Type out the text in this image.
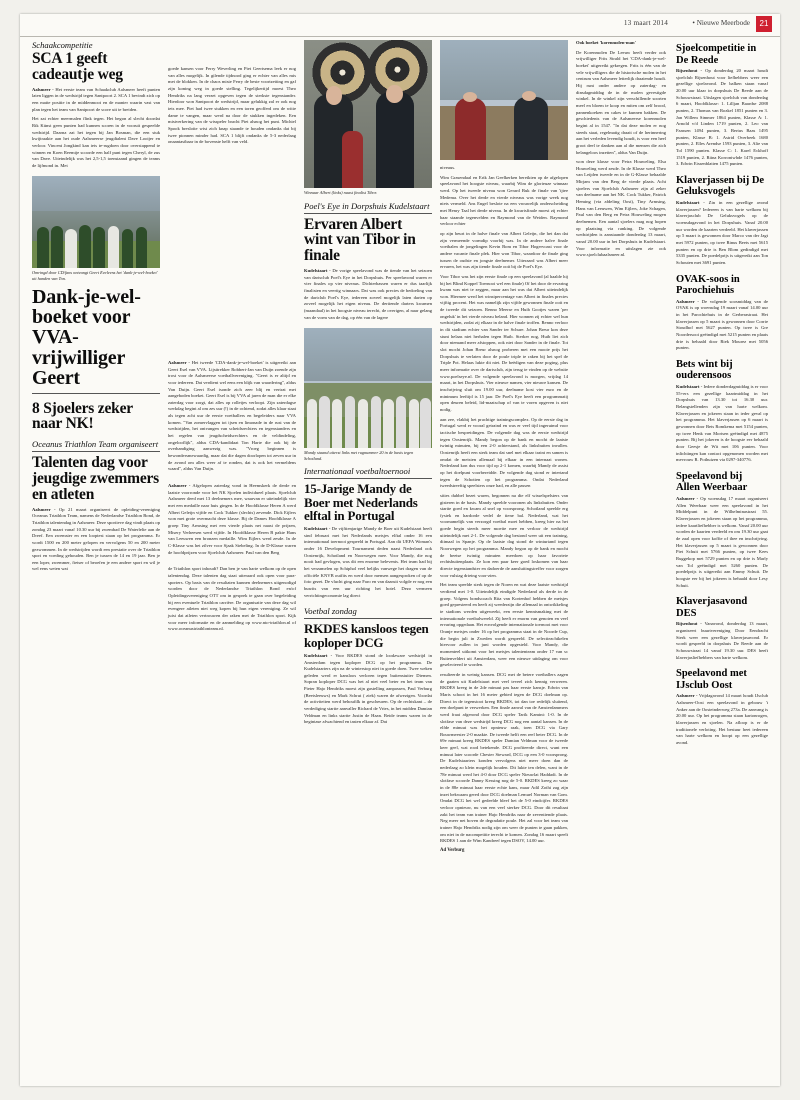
13 maart 2014	• Nieuwe Meerbode	21
Schaakcompetitie
SCA 1 geeft cadeautje weg

Aalsmeer - Het eerste team van Schaakclub Aalsmeer heeft punten laten liggen in de wedstrijd tegen Santpoort 2. SCA 1 bevindt zich op een matte positie in de middenmoot en de manier waarin vast van plan tegen het team van Santpoort de score uit te breiden.

Het zat echter meermalen flink tegen. Het begon al slecht doordat Rik Künst geen punten had kunnen scoren in de vooruit gespeelde wedstrijd. Daarna zat het tegen bij Jan Bosman, die een stuk kwijtraakte aan het oude Aalsmeerse jeugdtalent Dave Looijer en verloor. Vincent Jongkind kan iets te-rugdoen door overstappend te winnen en Koen Reemtje scoorde een half punt tegen Cheryl, de zus van Dave. Uiteindelijk was het 2,5-1,5 toenstaand gingen de teams de lijfmond in. Met

Omringd door CD/fans ontvangt Geert Eveleens het 'dank-je-wel-boeket' uit handen van Ton.
Dank-je-wel-boeket voor VVA-vrijwilliger Geert
8 Sjoelers zeker naar NK!
Oceanus Triathlon Team organiseert
Talenten dag voor jeugdige zwemmers en atleten

Aalsmeer - Op 21 maart organiseert de opleiding-vereniging Oceanus Triathlon Team, namens de Nederlandse Triathlon Bond, de Triathlon talentendag in Aalsmeer. Deze sportieve dag vindt plaats op zondag 23 maart vanaf 10.30 uur bij zwembad De Waterlelie aan de Dreef. Een zwemster en een looptest staan op het programma. Er wordt 1500 en 200 meter gelopen en vervolgens 50 en 200 meter gezwommen. In de wedstrijden wordt een prestatie over de Triathlon sport en voeding gehouden. Ben je tussen de 14 en 19 jaar. Ben je een loper, zwemmer, fietser of beoefen je een andere sport en wil je wel eens weten wat

goede kansen voor Ferry Weverling en Piet Geertsema leek er nog van alles mogelijk. In gilende tijdnood ging er echter van alles mis met de blokken. In de chaos miste Ferry de beste voortzetting en gaf zijn koning weg in goede stelling. Tegelijkertijd moest Theo Hendriks na lang verzet opgeven tegen de sterkste tegenstander. Hierdoor won Santpoort de wedstrijd, maar gelukkig zal er ook nog iets mee. Piet had twee stukken en een toren geofferd om de witte dame te vangen, maar werd na door de stukken ingedeken. Een mistverkering van de wisspeler bracht Piet alsnog het punt. Michiel Spook bresloite wist zich knap staande te houden ondanks dat bij twee pionnen minder had. SCA 1 blijft ondanks de 5-3 nederlaag onaantastbaar in de bovenste helft van veld.

Aalsmeer - Het tweede 'CDA-dank-je-wel-boeket' is uitgereikt aan Geert Esel van VVA. Lijsttrekker Robbert-Jan van Duijn zoende zijn trost voor de Aalsmeerse voetballvereniging. "Geert is er altijd en voor iedereen. Dat verdient wel eens een blijk van waardering", aldus Van Duijn. Geert Esel isonde zich zeer blij en vertrat met aangeboden boeket. Geert Esel is bij VVA al jaren de man die er elke zaterdag voor zorgt, dat alles op rolletjes verloopt. Zijn zaterdagse werkdag begint al om zes uur (!) in de ochtend, zodat alles klaar staat als tegen acht uur de eerste voetballers en begeleiders naar VVA komen. "Van zomervlaggen tot ijsen en limonade in de rust van de wedstrijden, het ontvangen van scheidsrechters en tegenstanders en het regelen van jeugdscheidsrechters en de veldindeling, ongelooflijk", aldus CDA-kandidaat Ton Harte die ook bij de overhandiging aanwezig was. "Vroeg beginnen is bewondersmewaardig, maar dat die dagen doorlopen tot zeven uur in de avond om alles weer af te ronden, dat is ook het vermeldens waard", aldus Van Duijn.

Aalsmeer - Afgelopen zaterdag vond in Heemskerk de derde en laatste voorronde voor het NK Sjoelen individueel plaats. Sjoelclub Aalsmeer deed met 13 deelnemers mee, waarvan er uiteindelijk vier met een medaille naar huis gingen. In de Hoofdklasse Heren A werd Albert Geleijn vijfde en Cock Tukker (slechts) zevende. Dick Eijlers won met grote overmacht deze klasse. Bij de Dames Hoofdklasse A groep Tiny Armsing met een vierde plaats net naast de prijzen, Misery Verheesen werd vijfde. In Hoofdklasse Heren B pakte Hans van Leeuwen een bronzen medaille. Wim Eijlers werd zesde. In de C-Klasse was het zilver voor Sjaak Siebeling. In de D-Klasse waren de hoofdprijzen voor Sjoelclub Aalsmeer. Paul van den Berg

de Triathlon sport inhoudt? Dan ben je van harte welkom op de open talentendag. Deze talenten dag staat uiteraard ook open voor para-sporters. Op basis van de resultaten kunnen deelnemers uitgenodigd worden door de Nederlandse Triathlon Bond en/of Opleidingsvereniging OTT om in gesprek te gaan over begeleiding bij een eventuele Triathlon carrière. De organisatie van deze dag wil evengere atleten niet weg kopen bij hun eigen vereniging. Ze wil juist dat atleten vertrouwen der raken met de Triathlon sport. Kijk voor meer informatie en de aanmelding op www.nto-triathlon.nl of www.oceanustriathlonteam.nl.

Winnaar Albert (links) naast finalist Tibor.
Poel's Eye in Dorpshuis Kudelstaart
Ervaren Albert wint van Tibor in finale

Kudelstaart - De vorige speelavond was de tiende van het seizoen van dartsclub Poel's Eye in het Dorpshuis. Per speelavond waren er vier finales op vier niveaus. Dichterbassen waren er dus taarlijk finalisten en veertig winnaars. Dat was ook precies de bedoeling van de dartclub Poel's Eye, iedereen zoveel mogelijk laten darten op zoveel mogelijk het eigen niveau. De dertiende darters kwamen (maandaal) in het hoogste niveau terecht, de overigen, al naar gelang van de vorm van de dag, op één van de lagere

Mandy staand uiterst links met rugnummer 20 in de basis tegen Schotland.
Internationaal voetbaltoernooi
15-Jarige Mandy de Boer met Nederlands elftal in Portugal

Kudelstaart - De vijftienjarige Mandy de Boer uit Kudelstaart heeft sind februari met het Nederlands meisjes elftal onder 16 een internationaal toernooi gespeeld in Portugal. Aan dit UEFA Woman's onder 16 Development Tournament deden naast Nederland ook Oostenrijk, Schotland en Noorwegen mee. Voor Mandy, die nog nooit had gevlogen, was dit een enorme belevenis. Het team had bij het verzamelen op Schiphol veel belijks vanwege het dragen van de officiële KNVB outfits en werd door mensen aangesproken of op de foto gezet. De vlucht ging naar Faro en van daaruit volgde er nog een busrits van een uur richting het hotel. Dezo vermeen verrichtingeconomie lag direct

Voetbal zondag
RKDES kansloos tegen koploper DCG

Kudelstaart - Voor RKDES stond de loodzware wedstrijd in Amsterdam tegen koploper DCG op het programma. De Kudelstaarters zijn na de winterstop niet in goede doen. Twee weken geleden werd er kansloos verloren tegen buitenstuiter Diemen. Sopran koploper DCG was het al niet veel beter en het team van Pieter Hajo Hendriks moest zijn gastelling aanpassen, Paul Verburg (Beetsleeuws) en Mark Schrut ( ziek) waren de afwezigen. Voordat de activiteiten werd behoufilk in gescheuren. Op de rechtskant – de verdediging startte aanvaller Richard de Vries, in het midden Damian Veldman en links startte Justin de Haan. Beide teams waren in de begintase afwachtend en tasten elkaar af. Dat

niveaus.

Wim Grasendaal en Erik Jan Geelkerken bereikten op de afgelopen speelavond het hoogste niveau, waarbij Wim de glorieuze winnaar werd. Op het tweede niveau won Gerard Buk de finale van 'ijtee Medema. Over het derde en vierde niveaus was vorige week nog niets vermeld. Ans Engel beslote na een vrouwelijk onderscheiding met Henry Taal het derde niveau. In de kwartsfinale moest zij echter baar staande tegenvelden en Raymond van de Weiden. Raymond verloor echter

op zijn beurt in de halve finale van Albert Geleijn, die het dan dat zijn vermeende vormdip voorbij was. In de andere halve finale voetbalen de jongelingen Kevin Bom en Tibor Hogervoast voor de andere vacante finale plek. Hier won Tibor, waardoor de finale ging tussen de oudste en jongste deelnemer. Uiteraard was Albert meer ervaren, het was zijn tiende finale ooit bij de Poel's Eye.

Voor Tibor was het zijn eerste finale op een speelavond (al haalde hij bij het Blind Koppel Toernooi wel een finale) Of het door de ervaring kwam was niet te zeggen, maar aan het was dat Albert uiteindelijk won. Hiermee werd het winstpercentage van Albert in finales precies vijftig procent. Het was namelijk zijn vijfde gewonnen finale ooit en de tweede dit seizoen. Renno Meerse en Huib Gootjes waren 'per ongeluk' in het vierde niveau beland. Hier wonnen zij echter wel hun wedstrijden, zodat zij elkaar in de halve finale troffen. Renno verloor in dit stadium echter van Sander ter Schure. Johan Breur kon deze stunt helaas niet herhalen tegen Huib. Sterker nog, Huib liet zich door niemand meer afstoppen, ook niet door Sander in de finale. Tot slot mocht Johan Breur alsnog proberen met een mooie prijs het Dorpshuis te verlaten door de poule triple te raken bij het spel de Triple Pot. Helaas lukte dit niet. De beëdigen van deze poging, plus meer informatie over de dartsclub, zijn terug te vinden op de website www.poelseye.nl. De volgende speelavond is morgen, vrijdag 14 maart, in het Dorpshuis. Vier nieuwe namen, vier nieuwe kansen. De inschrijving sluit om 19.00 uur, deelname kost vier euro en de minimum leeftijd is 15 jaar. De Poel's Eye heeft een programmatij open deuren beleid, lid-maatschap of van te voren opgeven is niet nodig.

aan zee, vlakbij het prachtige trainingscomplex. Op de eerste dag in Portugal werd er vooral getraind en was er veel tijd ingeruimd voor tactische bespreidingen. De volgende dag was de eerste wedstrijd tegen Oostenrijk. Mandy begon op de bank en mocht de laatste twintig minuten, bij een 2-0 achterstand, als linksbuiten invallen. Oostenrijk heeft een sterk team dat snel met elkaar traint en samen is omdat de meisten allemaal bij elkaar in een internaat wonen. Nederland kon dus voor tijd op 2-1 komen, waarbij Mandy de assist op het doelpunt voorbereidde. De volgende dag stond er intertand tegen de Schotten op het programma. Ondat Nederland tweedstreeftig speelsters onze had, en alle passen

sities dubbel bezet waren, begonnen na die elf wisselspelsters van gisteren in de basis. Mandy speelde vooronen als linksbuiten. Onder startte goed en kwam al snel op voorsprong. Schotland speelde erg fysiek en hardorde vedel de tiene bal. Nederland, wat het voornamelijk van verzorgd voetbal moet hebben, kreeg hier na het goede begin steeds meer moeite mee en verloor de wedstrijd uiteindelijk met 2-1. De volgende dag bestond weer uit een training, diimaal in Spanje. Op de laatste dag stond de winturtand tegen Noorwegen op het programma. Mandy begon op de bank en mocht de beetse twintig minuten meedoen op haar favoriete rechtsbuitenplaats. Ze kon een paar keer goed loskomen van haar directe tegenstandster en dadoerde de aansluitingstreffer voor zorgen voor vulsiag drieing voor-zien.

Het team speelde sterk tegen de Noren en wat deze laatste wedstrijd verdiend met 1-0. Uiteindelijk eindigde Nederland als derde in de groep. Volgens bondscoach Rita van Kortenhof hebben de meisjes goed gepresteerd en heeft zij weederzijn die allemaal in ontwikkeling te stadions werden uitgeweekt, een eerste kennismaking met de internationale voetbalwereld. Zij heeft er enorm van genoten en veel ervaring opgedaan. Het ecnvolgende internationale toernooi met voor Oranje meisjes onder 16 op het programma staat in de Noorde Cup, die begin juli in Zweden wordt gespeeld. De selectieachtkelen hiervoor zullen in juni worden opgesteld. Voor Mandy, die momenteel uitkomt voor het meisjes talententeam onder 17 van sc Buitenveldert uit Amsterdam, weer een nieuwe uitdaging om voor geselecteerd te worden.

resulteerde in weinig kansen. DCG met de betere voetballers zagen de gaaten uit Kudelstaart met veel teveel zich kennig verweren. RKDES kreeg in de 2de minuut pas haar eerste kansje. Edwin van Maris schoot in het 16 meter gebied tegen de DCG doelman op. Direct in de tegenstoot kreeg RKDES, tot dan toe redelijk sluitend, een doelpunt te verwerken. Een finale aanval van de Amsterdammers werd fraai afgerond door DCG speler Tarik Kamini: 1-0. In de slotfase van deze wedstrijd kreeg DCG nog een aantal kansen. In de elfde minuut was het opnieuw raak, toen DCG via Gary Bouwmeester 2-0 maakte. De tweede helft een reel beter DCG. In de 69e minuut kreeg RKDES speler Damian Veldman voor de tweede keer geel, wat rood betekende. DCG profiteerde direct, wunt een minuut later scoorde Chester Steward, DCG op een 3-0 voorsprong. De Kudelstaarters konden vervolgens niet meer doen dan de nederlaag zo klein mogelijk houden. Dit lukte ten delen, want in de 78e minuut werd het 4-0 door DCG speler Nieuwlat Haddadi. In de slotfase scoorde Danny Kessing nog de 5-0. RKDES kreeg zo waar in de 88e minuut haar eerste echte kans, maar Adil Zothi zag zijn inzet bekwaam gered door DCG doelman Lemuel Norman van Gom. Omdat DCG het wel gedeelde bleef het de 5-0 eindcijfer. RKDES verloor opnieuw, nu van een veel sterker DCG. Door dit resultaat zakt het team van trainer Hajo Hendriks naar de zeventiende plaats. Neg meer net boven de degradatie poule. Het zal voor het team van trainer Hajo Hendriks nodig zijn om weer de punten te gaan pakken, om niet in de nacompetitie terecht te komen. Zondag 16 maart speelt RKDES 1 aan de Wim Kandreef tegen DSOV, 14.00 uur.

Ad Verburg

Ook boeket 'korenmolen-man'

De Korenmolen De Leeuw heeft verder ook vrijwilliger Frits Strald het 'CDA-dank-je-wel-boeket' uitgereikt gekregen. Frits is één van de vele vrijwilligers die de historische molen in het centrum van Aalsmeer letterlijk draaiende houdt. Hij runt onder andere op zaterdag- en dinsdagmiddag de in de molen gevestigde winkel. In de winkel zijn verschillende soorten meel en bloem te koop en miten om zelf brood, pannenkoeken en cakes te kunnen bakken. De geschiedenis van de Aalsmeerse korenmolen begint al in 1547. "In dat deze molen er nog steeds staat, regelmatig draait of de herinnering aan het verleden levendig houdt, is voor een heel groot deel te danken aan al die mensen die zich belangeloos inzetten", aldus Van Duijn.

won deze klasse voor Petra Houweling. Elsa Houweling werd zesde. In de Klasse werd Theo van Leijden tweede en in de G-Klasse behaalde Mirjam van den Berg de vierde plaats. Acht sjoelers van Sjoelclub Aalsmeer zijn al zeker van deelname aan het NK. Cock Tukker, Patrick Heming (via afdeling Oost), Tiny Armsing, Hans van Leeuwen, Wim Eijlers, Joke Schagen, Paul van den Berg en Petra Houweling mogen deelnemen. Een aantal sjoelers mag nog hopen op plaatsing via ranking. De volgende wedstrijden is aanstaande donderdag 13 maart, vanaf 20.00 uur in het Dorpshuis in Kudelstaart. Voor informatie en uitslagen zie ook www.sjoelclubaalsmeer.nl.

Sjoelcompetitie in De Reede

Rijsenhout - Op donderdag 20 maart houdt sjoelclub Rijsenhout voor liefhebbers weer een gezellige sjoelavond. De balken staan vanaf 20.00 uur klaar in dorpshuis De Reede aan de Schouwstraat. Uitslagen sjoelclub van donderdag 6 maart, Hoofdklasse: 1. Lilljan Baardse 2088 punten, 2. Thomas van Rozkel 1851 punten en 3. Jan Willem Simmer 1864 punten, Klasse A: 1. Arnold v/d Linden 1719 punten, 2. Leo van Faassen 1494 punten, 3. Bertus Baas 1495 punten, Klasse B: 1. Astrid Overbeek 1680 punten, 2. Elles Arendse 1593 punten, 3. Alie van Tol 1590 punten. Klasse C: 1. Karel Eckhoff 1519 punten, 2. Riina Korroniwhde 1476 punten, 3. Edwin Eissenblatten 1475 punten.

Klaverjassen bij De Geluksvogels

Kudelstaart - Zin in een gezellige avond klaverjassen? Iedereen is van harte welkom bij klaverjasclub De Geluksvogels op de woensdagavond in het Dorpshuis. Vanaf 20.00 uur worden de kaarten verdeeld. Het klaverjassen op 5 maart is gewonnen door Marco van der Jagt met 5972 punten, op twee Rinus Beets met 5615 punten en op drie is Ben Blom gedindigd met 5335 punten. De poedelprijs is uitgereikt aan Ton Schouten met 3691 punten.

OVAK-soos in Parochiehuis

Aalsmeer - De volgende soosmiddag van de OVAK is op woensdag 19 maart vanaf 14.00 uur in het Parochiehuis in de Gerberastraat. Het klaverjassen op 5 maart is gewonnen door Corrie Stoudhof met 5627 punten. Op twee is Gre Noordersooi geëindigd met 5215 punten en plaats drie is behaald door Riek Mourez met 5056 punten.

Bets wint bij ouderensoos

Kudelstaart - Iedere donderdagmiddag is er voor 55+ers een gezellige kaartmiddag in het Dorpshuis van 13.30 tot 16.30 uur. Belangstellenden zijn van harte welkom. Klaverjassen en jokeren staan in ieder geval op het programma. Het klaverjassen op 6 maart is gewonnen door Bets Romkema met 5154 punten, op twee Henk van Mortsen geëindigd met 4875 punten. Bij het jokeren is de hoogste eer behaald door Geesje de Wit met 106 punten. Voor inlichtingen kan contact opgenomen worden met mevrouw R. Pothuizen via 0297-340776.

Speelavond bij Allen Weerbaar

Aalsmeer - Op woensdag 17 maart organiseert Allen Weerbaar weer een speelavond in het Middelpunt in de Wilhelminastraat 55. Klaverjassen en jokeren staan op het programma, iedere kaartliefhebber is welkom. Vanaf 20.00 uur worden de kaarten verdeeld en om 19.30 uur gaat de zaal open voor koffie of thee en inschrijving. Het klaverjassen op 5 maart is gewonnen door Piet Schuit met 5766 punten, op twee Kees Ruggekop met 5729 punten en op drie is Marly van Tol geëindigd met 5260 punten. De poedelprijs is uitgereikt aan Emmy Schuit. De hoogste eer bij het jokeren is behaald door Lesy Schuit.

Klaverjasavond DES

Rijsenhout - Vanavond, donderdag 13 maart, organiseert buurtvereniging Door Eendracht Sterk weer een gezellige klaverjasavond. Er wordt gespeeld in dorpshuis De Reede aan de Schouwstraat 14 vanaf 19.30 uur. DES heeft klaverjasliefhebbers van harte welkom.

Speelavond met IJsclub Oost

Aalsmeer - Vrijdagavond 14 maart houdt IJsclub Aalsmeer-Oost een speelavond in gebouw 't Anker aan de Oosteinderweg 273a. De aanvang is 20.00 uur. Op het programma staan kartonrogen, klaverjassen en sjoelen. Na afloop is er de traditionele verloting. Het bestuur heet iedereen van harte welkom en hoopt op een gezellige avond.
